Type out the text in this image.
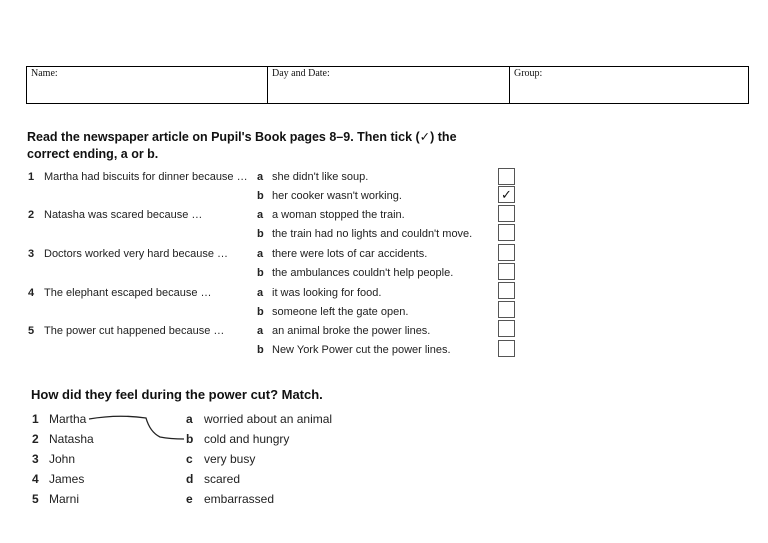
Name:	Day and Date:	Group:
Read the newspaper article on Pupil's Book pages 8–9. Then tick (✓) the correct ending, a or b.
1 Martha had biscuits for dinner because … a she didn't like soup.
b her cooker wasn't working.	✓
2 Natasha was scared because …	a a woman stopped the train.
b the train had no lights and couldn't move.
3 Doctors worked very hard because …	a there were lots of car accidents.
b the ambulances couldn't help people.
4 The elephant escaped because …	a it was looking for food.
b someone left the gate open.
5 The power cut happened because …	a an animal broke the power lines.
b New York Power cut the power lines.
How did they feel during the power cut? Match.
1 Martha	a worried about an animal
2 Natasha	b cold and hungry
3 John	c very busy
4 James	d scared
5 Marni	e embarrassed
